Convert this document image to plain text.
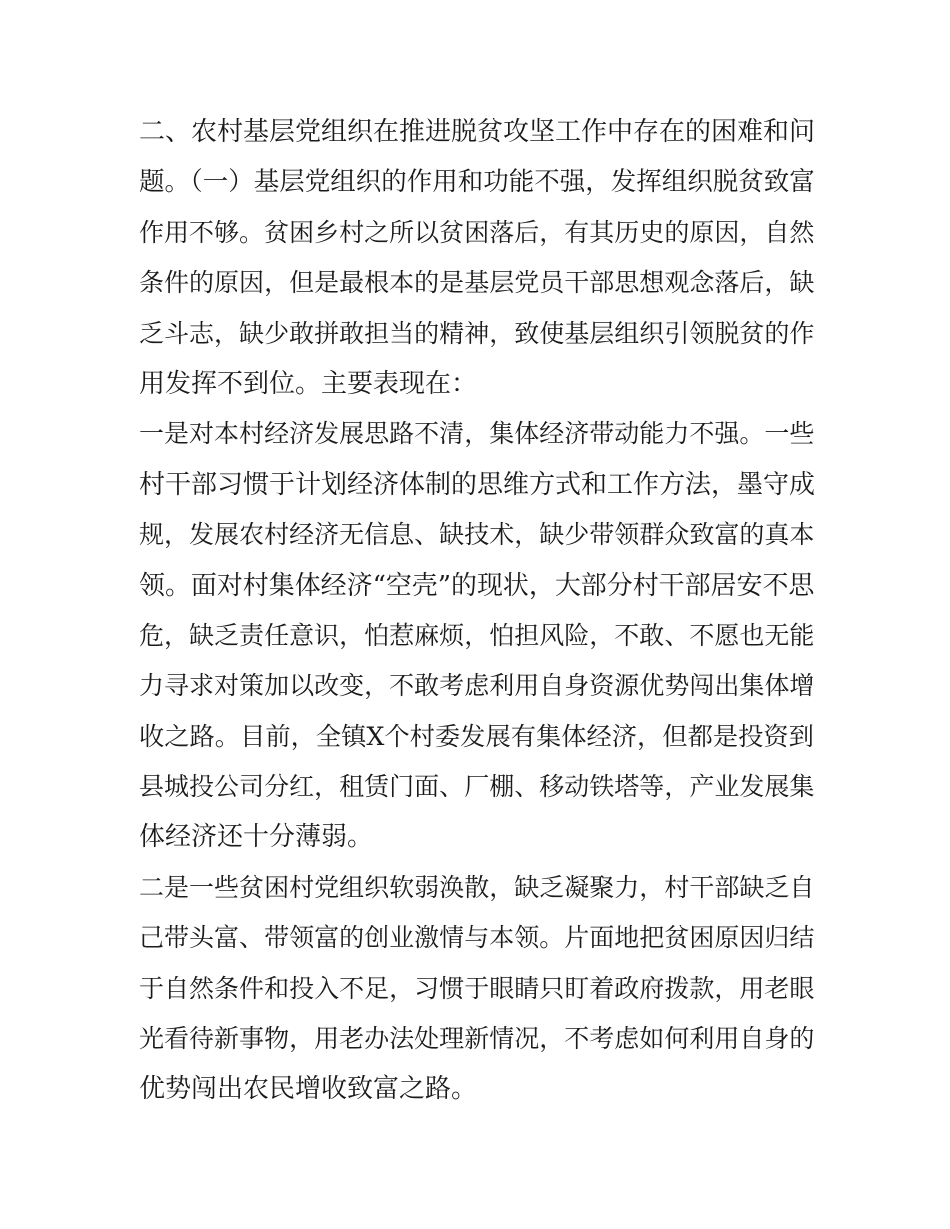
二、农村基层党组织在推进脱贫攻坚工作中存在的困难和问
题。（一）基层党组织的作用和功能不强，发挥组织脱贫致富
作用不够。贫困乡村之所以贫困落后，有其历史的原因，自然
条件的原因，但是最根本的是基层党员干部思想观念落后，缺
乏斗志，缺少敢拼敢担当的精神，致使基层组织引领脱贫的作
用发挥不到位。主要表现在：
一是对本村经济发展思路不清，集体经济带动能力不强。一些
村干部习惯于计划经济体制的思维方式和工作方法，墨守成
规，发展农村经济无信息、缺技术，缺少带领群众致富的真本
领。面对村集体经济“空壳”的现状，大部分村干部居安不思
危，缺乏责任意识，怕惹麻烦，怕担风险，不敢、不愿也无能
力寻求对策加以改变，不敢考虑利用自身资源优势闯出集体增
收之路。目前，全镇X个村委发展有集体经济，但都是投资到
县城投公司分红，租赁门面、厂棚、移动铁塔等，产业发展集
体经济还十分薄弱。
二是一些贫困村党组织软弱涣散，缺乏凝聚力，村干部缺乏自
己带头富、带领富的创业激情与本领。片面地把贫困原因归结
于自然条件和投入不足，习惯于眼睛只盯着政府拨款，用老眼
光看待新事物，用老办法处理新情况，不考虑如何利用自身的
优势闯出农民增收致富之路。
